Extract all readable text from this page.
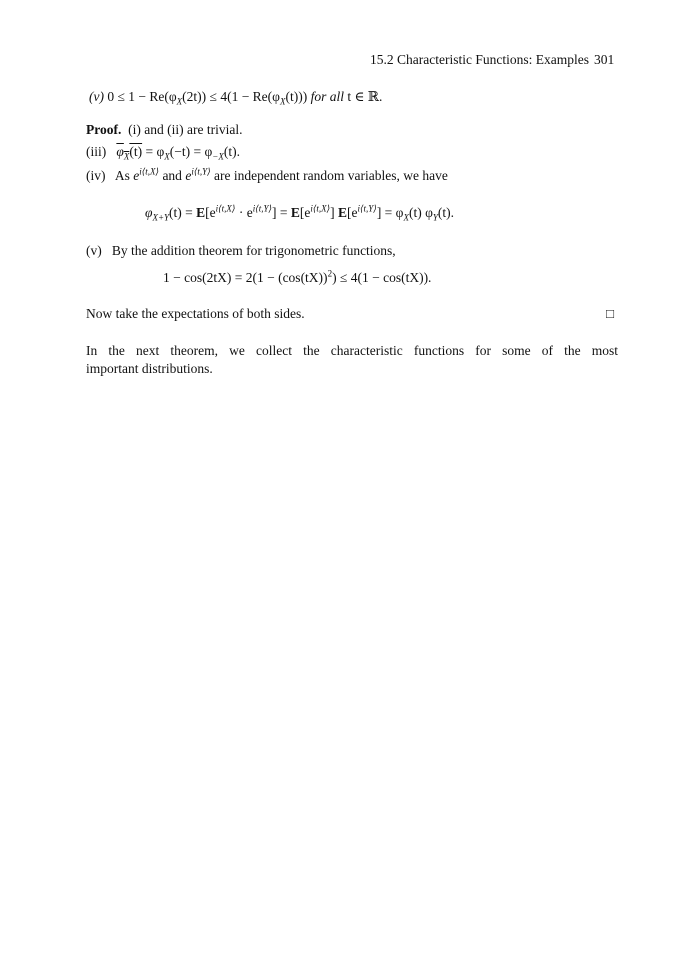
15.2 Characteristic Functions: Examples 301
(v) $0 \le 1 - Re(\varphi_X(2t)) \le 4(1 - Re(\varphi_X(t)))$ for all t ∈ ℝ.
Proof. (i) and (ii) are trivial.
(iii) $\varphi_X(t) = \varphi_X(-t) = \varphi_{-X}(t)$.
(iv) As $e^{i⟨t,X⟩}$ and $e^{i⟨t,Y⟩}$ are independent random variables, we have
$\varphi_{X+Y}(t) = E[e^{i⟨t,X⟩} \cdot e^{i⟨t,Y⟩}] = E[e^{i⟨t,X⟩}] E[e^{i⟨t,Y⟩}] = \varphi_X(t)$ $\varphi_Y(t)$.
(v) By the addition theorem for trigonometric functions,
$1 - \cos(2tX) = 2(1 - (\cos(tX))^2) \le 4(1 - \cos(tX))$.
Now take the expectations of both sides.	□
In the next theorem, we collect the characteristic functions for some of the most
important distributions.
